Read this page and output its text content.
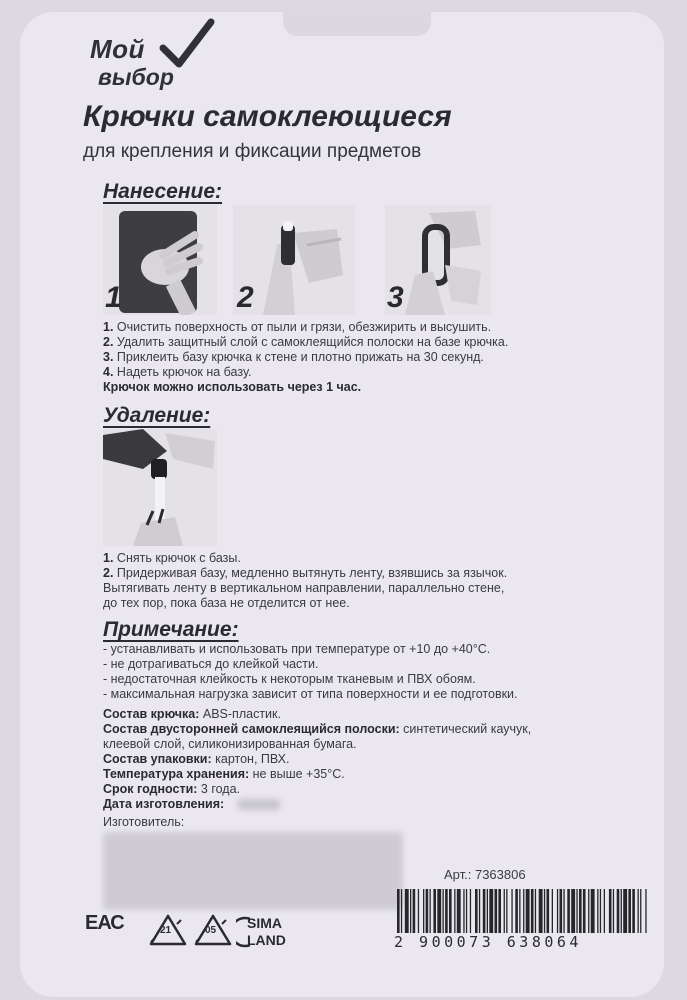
Мой
выбор
Крючки самоклеющиеся
для крепления и фиксации предметов
Нанесение:
1	2	3
1. Очистить поверхность от пыли и грязи, обезжирить и высушить.
2. Удалить защитный слой с самоклеящийся полоски на базе крючка.
3. Приклеить базу крючка к стене и плотно прижать на 30 секунд.
4. Надеть крючок на базу.
Крючок можно использовать через 1 час.
Удаление:
1. Снять крючок с базы.
2. Придерживая базу, медленно вытянуть ленту, взявшись за язычок.
Вытягивать ленту в вертикальном направлении, параллельно стене,
до тех пор, пока база не отделится от нее.
Примечание:
- устанавливать и использовать при температуре от +10 до +40°С.
- не дотрагиваться до клейкой части.
- недостаточная клейкость к некоторым тканевым и ПВХ обоям.
- максимальная нагрузка зависит от типа поверхности и ее подготовки.
Состав крючка: ABS-пластик.
Состав двусторонней самоклеящийся полоски: синтетический каучук,
клеевой слой, силиконизированная бумага.
Состав упаковки: картон, ПВХ.
Температура хранения: не выше +35°С.
Срок годности: 3 года.
Дата изготовления:
Изготовитель:
Арт.: 7363806
2 900073 638064
ЕАС	21	05 SIMA
LAND
